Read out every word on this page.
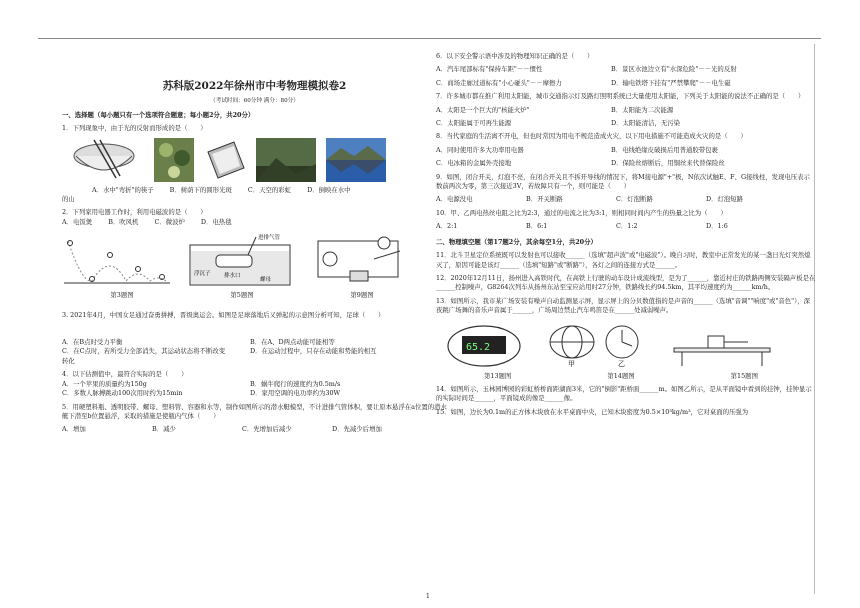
苏科版2022年徐州市中考物理模拟卷2
（考试时间：60分钟 满分：80分）
一、选择题（每小题只有一个选项符合题意；每小题2分，共20分）
1．下列现象中，由于光的反射而形成的是（　　）
A．水中"弯折"的筷子	B．树荫下的圆形光斑	C．天空的彩虹	D．倒映在水中
的山
2．下列家用电器工作时，利用电磁波的是（　　）
A．电饭煲	B．吹风机	C．微波炉	D．电热毯
进排气管
浮沉子 排水口
螺母
第3题图	第5题图	第9题图
3. 2021年4月，中国女足通过奋勇拼搏，晋级奥运会。如图是足球落地后又弹起的示意图分析可知，足球（　　）
A．在B点时受力平衡	B．在A、D两点动能可能相等
C．在C点时，若所受力全部消失，其运动状态将不断改变	D．在运动过程中，只存在动能和势能的相互
转化
4．以下估测值中，最符合实际的是（　　）
A．一个苹果的质量约为150g	B．蜗牛爬行的速度约为0.5m/s
C．多数人脉搏跳动100次用时约为15min	D．家用空调的电功率约为30W
5．用硬塑料瓶、透明胶带、螺母、塑料管、容器和水等，制作如图所示的潜水艇模型，不计进排气管体积，要让原本悬浮在a位置的潜水艇下潜至b位置悬浮，采取的措施是使瓶内气体（　　）
A．增加	B．减少	C．先增加后减少	D．先减少后增加
6．以下安全警示语中涉及的物理知识正确的是（　　）
A．汽车尾部标有"保持车距"－－惯性	B．景区水池边立有"水深危险"－－光的反射
C．商场走廊过道标有"小心碰头"－－摩擦力	D．输电铁塔下挂有"严禁攀爬"－－电生磁
7．许多城市都在推广利用太阳能，城市交通指示灯及路灯照明系统已大量使用太阳能，下列关于太阳能的说法不正确的是（　　）
A．太阳是一个巨大的"核能火炉"	B．太阳能为二次能源
C．太阳能属于可再生能源	D．太阳能清洁，无污染
8．当代家庭的生活离不开电，但也时常因为用电不规范造成火灾，以下用电措施不可能造成火灾的是（　　）
A．同时使用许多大功率用电器	B．电线绝缘皮破损后用普通胶带包裹
C．电冰箱的金属外壳接地	D．保险丝熔断后，用铜丝来代替保险丝
9．如图，闭合开关，灯泡不亮，在闭合开关且不拆开导线的情况下，将M接电源"+"极，N依次试触E、F、G接线柱，发现电压表示数前两次为零，第三次接近3V，若故障只有一个，则可能是（　　）
A．电源没电	B．开关断路	C．灯泡断路	D．灯泡短路
10．甲、乙两电热丝电阻之比为2:3，通过的电流之比为3:1，则相同时间内产生的热量之比为（　　）
A．2:1	B．6:1	C．1:2	D．1:6
二、物理填空题（第17题2分，其余每空1分，共20分）
11．北斗卫星定位系统既可以发射也可以接收______（选填"超声波"或"电磁波"）。晚自习时，教室中正常发光的某一盏日光灯突然熄灭了，原因可能是该灯______（选填"短路"或"断路"），各灯之间的连接方式是______。
12．2020年12月11日，扬州进入高铁时代，在高铁上行驶的动车设计成流线型，是为了______，靠近村庄的铁路两侧安装隔声板是在______控制噪声，G8264次列车从扬州东站至宝应站用时27分钟，铁路线长约94.5km，其平均速度约为______km/h。
13．如图所示，我市某广场安装有噪声自动监测显示屏，显示屏上的分贝数值指的是声音的______（选填"音调""响度"或"音色"），深夜跳广场舞的音乐声音属于______，广场周边禁止汽车鸣笛是在______处减弱噪声。
65.2
甲	乙
第13题图	第14题图	第15题图
14．如图所示，玉林园博园的彩虹桥桥面距湖面3米，它的"倒影"距桥面______m。如图乙所示，是从平面镜中看到的挂钟，挂钟显示的实际时间是______，平面镜成的像是______像。
15．如图，边长为0.1m的正方体木块放在水平桌面中央，已知木块密度为0.5×10³kg/m³，它对桌面的压强为
1
